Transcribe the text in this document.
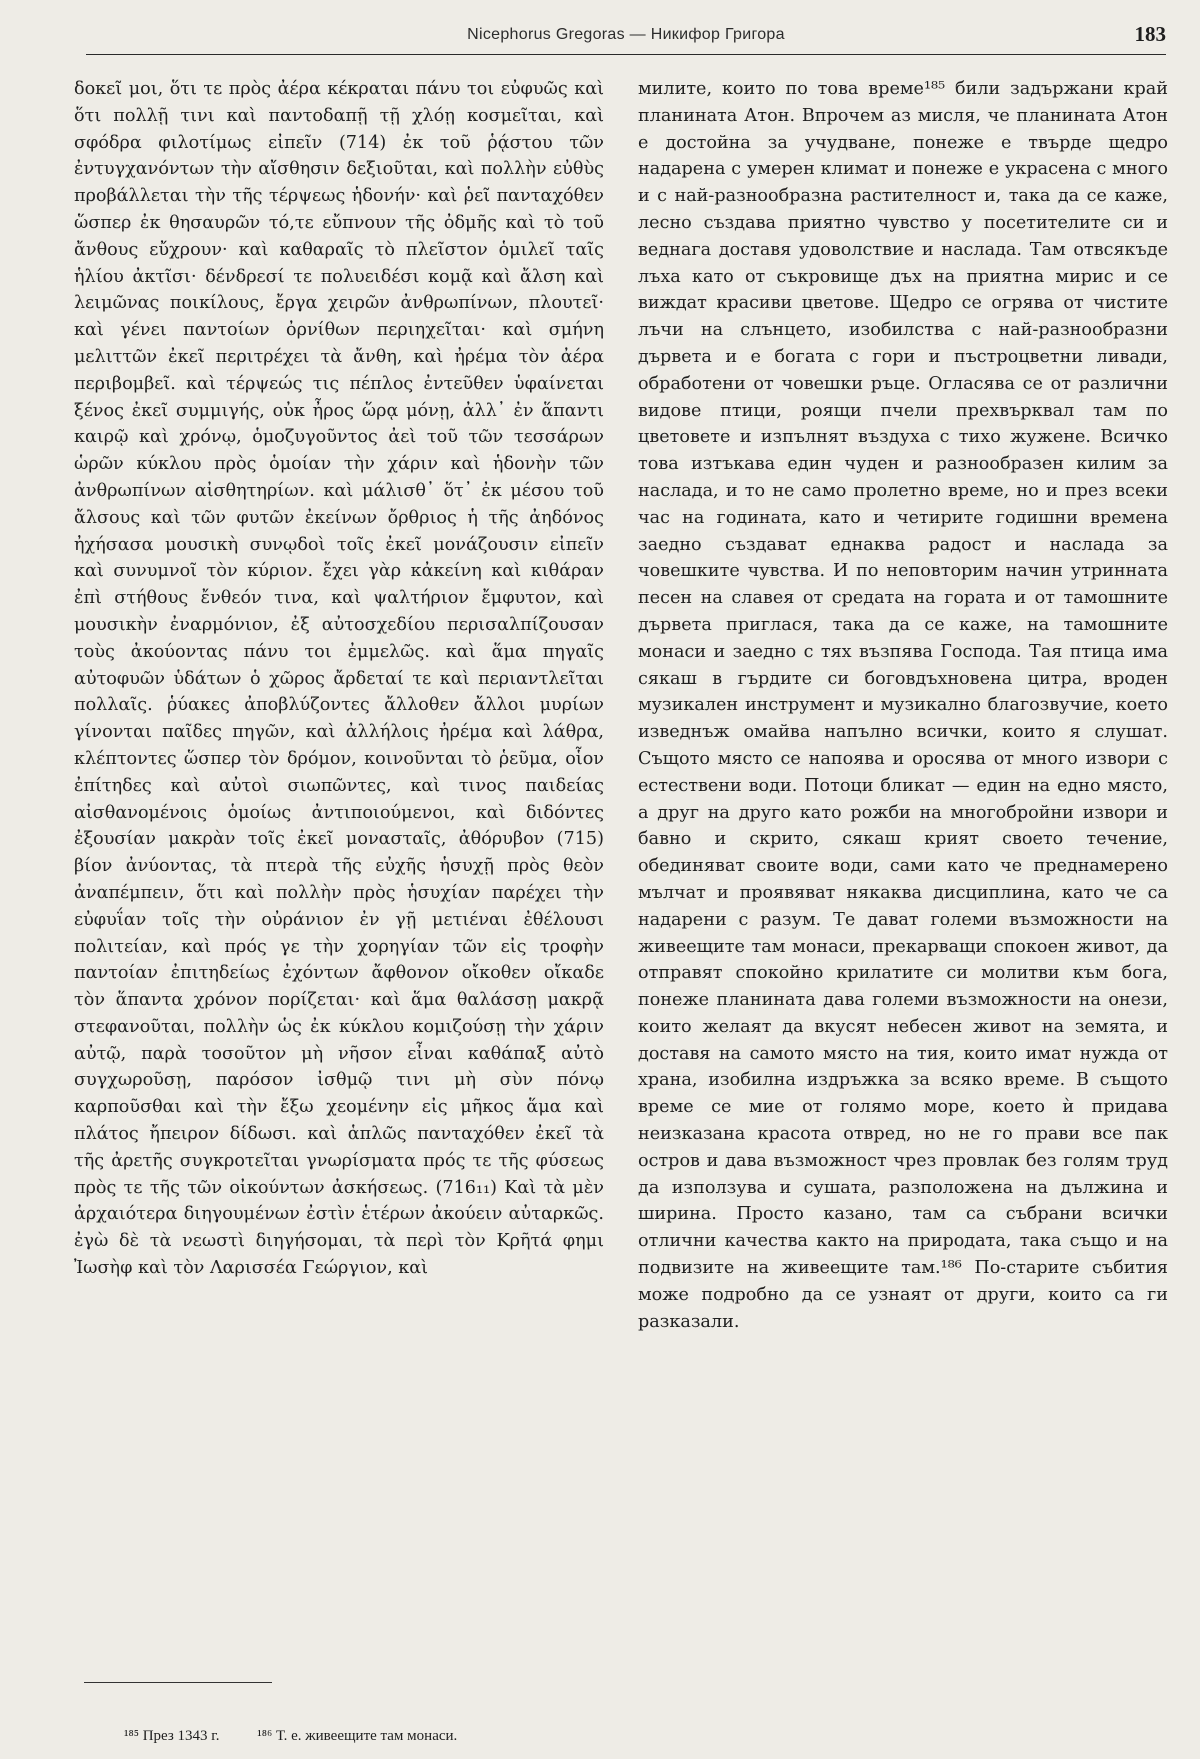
Nicephorus Gregoras — Никифор Григора	183

δοκεῖ μοι, ὅτι τε πρὸς ἀέρα κέκραται πάνυ τοι εὐφυῶς καὶ ὅτι πολλῇ τινι καὶ παντοδαπῇ τῇ χλόῃ κοσμεῖται, καὶ σφόδρα φιλοτίμως εἰπεῖν (714) ἐκ τοῦ ῥᾴστου τῶν ἐντυγχανόντων τὴν αἴσθησιν δεξιοῦται, καὶ πολλὴν εὐθὺς προβάλλεται τὴν τῆς τέρψεως ἡδονήν· καὶ ῥεῖ πανταχόθεν ὥσπερ ἐκ θησαυρῶν τό,τε εὔπνουν τῆς ὀδμῆς καὶ τὸ τοῦ ἄνθους εὔχρουν· καὶ καθαραῖς τὸ πλεῖστον ὁμιλεῖ ταῖς ἡλίου ἀκτῖσι· δένδρεσί τε πολυειδέσι κομᾷ καὶ ἄλση καὶ λειμῶνας ποικίλους, ἔργα χειρῶν ἀνθρωπίνων, πλουτεῖ· καὶ γένει παντοίων ὀρνίθων περιηχεῖται· καὶ σμήνη μελιττῶν ἐκεῖ περιτρέχει τὰ ἄνθη, καὶ ἠρέμα τὸν ἀέρα περιβομβεῖ. καὶ τέρψεώς τις πέπλος ἐντεῦθεν ὑφαίνεται ξένος ἐκεῖ συμμιγής, οὐκ ἦρος ὥρᾳ μόνῃ, ἀλλ᾽ ἐν ἅπαντι καιρῷ καὶ χρόνῳ, ὁμοζυγοῦντος ἀεὶ τοῦ τῶν τεσσάρων ὡρῶν κύκλου πρὸς ὁμοίαν τὴν χάριν καὶ ἡδονὴν τῶν ἀνθρωπίνων αἰσθητηρίων. καὶ μάλισθ᾽ ὅτ᾽ ἐκ μέσου τοῦ ἄλσους καὶ τῶν φυτῶν ἐκείνων ὄρθριος ἡ τῆς ἀηδόνος ἠχήσασα μουσικὴ συνῳδοὶ τοῖς ἐκεῖ μονάζουσιν εἰπεῖν καὶ συνυμνοῖ τὸν κύριον. ἔχει γὰρ κἀκείνη καὶ κιθάραν ἐπὶ στήθους ἔνθεόν τινα, καὶ ψαλτήριον ἔμφυτον, καὶ μουσικὴν ἐναρμόνιον, ἐξ αὐτοσχεδίου περισαλπίζουσαν τοὺς ἀκούοντας πάνυ τοι ἐμμελῶς. καὶ ἅμα πηγαῖς αὐτοφυῶν ὑδάτων ὁ χῶρος ἄρδεταί τε καὶ περιαντλεῖται πολλαῖς. ῥύακες ἀποβλύζοντες ἄλλοθεν ἄλλοι μυρίων γίνονται παῖδες πηγῶν, καὶ ἀλλήλοις ἠρέμα καὶ λάθρα, κλέπτοντες ὥσπερ τὸν δρόμον, κοινοῦνται τὸ ῥεῦμα, οἷον ἐπίτηδες καὶ αὐτοὶ σιωπῶντες, καὶ τινος παιδείας αἰσθανομένοις ὁμοίως ἀντιποιούμενοι, καὶ διδόντες ἐξουσίαν μακρὰν τοῖς ἐκεῖ μονασταῖς, ἀθόρυβον (715) βίον ἀνύοντας, τὰ πτερὰ τῆς εὐχῆς ἡσυχῇ πρὸς θεὸν ἀναπέμπειν, ὅτι καὶ πολλὴν πρὸς ἡσυχίαν παρέχει τὴν εὐφυΐαν τοῖς τὴν οὐράνιον ἐν γῇ μετιέναι ἐθέλουσι πολιτείαν, καὶ πρός γε τὴν χορηγίαν τῶν εἰς τροφὴν παντοίαν ἐπιτηδείως ἐχόντων ἄφθονον οἴκοθεν οἴκαδε τὸν ἅπαντα χρόνον πορίζεται· καὶ ἅμα θαλάσσῃ μακρᾷ στεφανοῦται, πολλὴν ὡς ἐκ κύκλου κομιζούσῃ τὴν χάριν αὐτῷ, παρὰ τοσοῦτον μὴ νῆσον εἶναι καθάπαξ αὐτὸ συγχωροῦσῃ, παρόσον ἰσθμῷ τινι μὴ σὺν πόνῳ καρποῦσθαι καὶ τὴν ἔξω χεομένην εἰς μῆκος ἅμα καὶ πλάτος ἤπειρον δίδωσι. καὶ ἁπλῶς πανταχόθεν ἐκεῖ τὰ τῆς ἀρετῆς συγκροτεῖται γνωρίσματα πρός τε τῆς φύσεως πρὸς τε τῆς τῶν οἰκούντων ἀσκήσεως. (716₁₁) Καὶ τὰ μὲν ἀρχαιότερα διηγουμένων ἐστὶν ἑτέρων ἀκούειν αὐταρκῶς. ἐγὼ δὲ τὰ νεωστὶ διηγήσομαι, τὰ περὶ τὸν Κρῆτά φημι Ἰωσὴφ καὶ τὸν Λαρισσέα Γεώργιον, καὶ

милите, които по това време¹⁸⁵ били задържани край планината Атон. Впрочем аз мисля, че планината Атон е достойна за учудване, понеже е твърде щедро надарена с умерен климат и понеже е украсена с много и с най-разнообразна растителност и, така да се каже, лесно създава приятно чувство у посетителите си и веднага доставя удоволствие и наслада. Там отвсякъде лъха като от съкровище дъх на приятна мирис и се виждат красиви цветове. Щедро се огрява от чистите лъчи на слънцето, изобилства с най-разнообразни дървета и е богата с гори и пъстроцветни ливади, обработени от човешки ръце. Огласява се от различни видове птици, роящи пчели прехвърквал там по цветовете и изпълнят въздуха с тихо жужене. Всичко това изтъкава един чуден и разнообразен килим за наслада, и то не само пролетно време, но и през всеки час на годината, като и четирите годишни времена заедно създават еднаква радост и наслада за човешките чувства. И по неповторим начин утринната песен на славея от средата на гората и от тамошните дървета приглася, така да се каже, на тамошните монаси и заедно с тях възпява Господа. Тая птица има сякаш в гърдите си боговдъхновена цитра, вроден музикален инструмент и музикално благозвучие, което изведнъж омайва напълно всички, които я слушат. Същото място се напоява и оросява от много извори с естествени води. Потоци бликат — един на едно място, а друг на друго като рожби на многобройни извори и бавно и скрито, сякаш крият своето течение, обединяват своите води, сами като че преднамерено мълчат и проявяват някаква дисциплина, като че са надарени с разум. Те дават големи възможности на живеещите там монаси, прекарващи спокоен живот, да отправят спокойно крилатите си молитви към бога, понеже планината дава големи възможности на онези, които желаят да вкусят небесен живот на земята, и доставя на самото място на тия, които имат нужда от храна, изобилна издръжка за всяко време. В същото време се мие от голямо море, което ѝ придава неизказана красота отвред, но не го прави все пак остров и дава възможност чрез провлак без голям труд да използува и сушата, разположена на дължина и ширина. Просто казано, там са събрани всички отлични качества както на природата, така също и на подвизите на живеещите там.¹⁸⁶ По-старите събития може подробно да се узнаят от други, които са ги разказали.

¹⁸⁵ През 1343 г.	¹⁸⁶ Т. е. живеещите там монаси.
